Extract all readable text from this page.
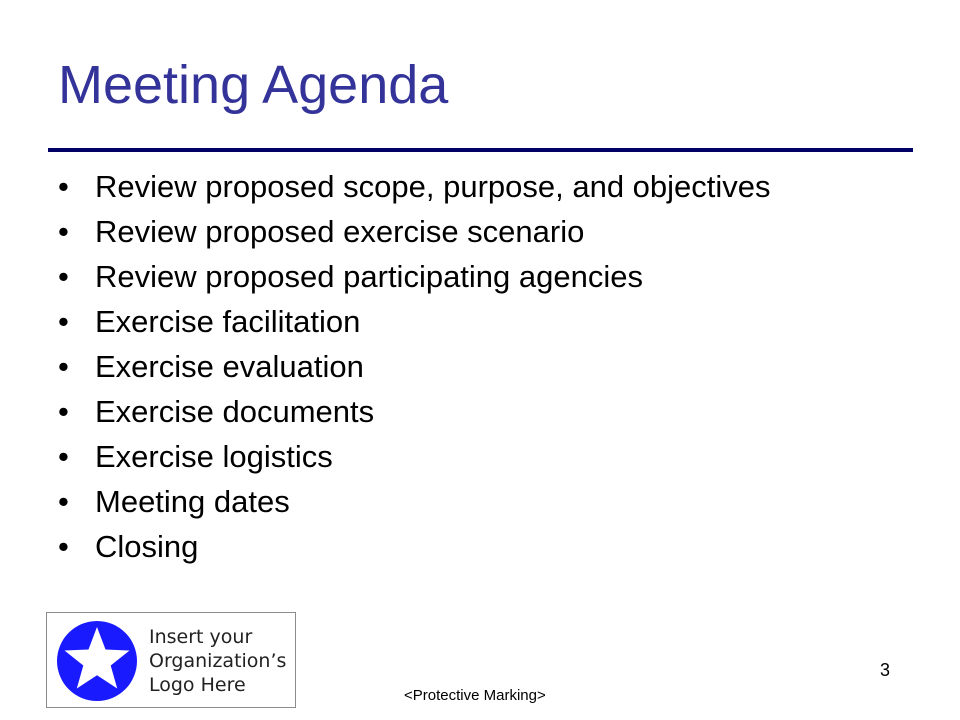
Meeting Agenda
• Review proposed scope, purpose, and objectives
• Review proposed exercise scenario
• Review proposed participating agencies
• Exercise facilitation
• Exercise evaluation
• Exercise documents
• Exercise logistics
• Meeting dates
• Closing
Insert your
Organization’s
Logo Here
3
<Protective Marking>
